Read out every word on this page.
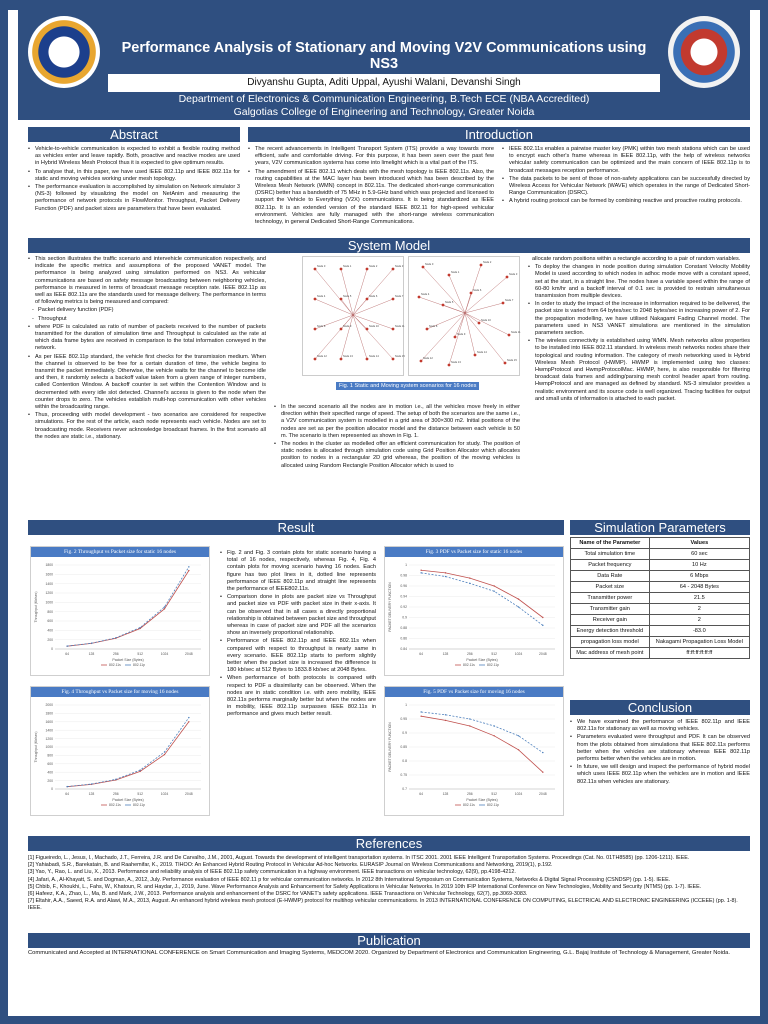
Performance Analysis of Stationary and Moving V2V Communications using NS3
Divyanshu Gupta, Aditi Uppal, Ayushi Walani, Devanshi Singh
Department of Electronics & Communication Engineering, B.Tech ECE (NBA Accredited)
Galgotias College of Engineering and Technology, Greater Noida
Abstract
• Vehicle-to-vehicle communication is expected to exhibit a flexible routing method as vehicles enter and leave rapidly. Both, proactive and reactive modes are used in Hybrid Wireless Mesh Protocol thus it is expected to give optimum results.
• To analyse that, in this paper, we have used IEEE 802.11p and IEEE 802.11s for static and moving vehicles working under mesh topology.
• The performance evaluation is accomplished by simulation on Network simulator 3 (NS-3) followed by visualizing the model on NetAnim and measuring the performance of network protocols in FlowMonitor. Throughput, Packet Delivery Function (PDF) and packet sizes are parameters that have been evaluated.
Introduction
• The recent advancements in Intelligent Transport System (ITS) provide a way towards more efficient, safe and comfortable driving. For this purpose, it has been seen over the past few years, V2V communication systems has come into limelight which is a vital part of the ITS.
• The amendment of IEEE 802.11 which deals with the mesh topology is IEEE 802.11s. Also, the routing capabilities at the MAC layer has been introduced which has been described by the Wireless Mesh Network (WMN) concept in 802.11s. The dedicated short-range communication (DSRC) better has a bandwidth of 75 MHz in 5.9-GHz band which was projected and licensed to support the Vehicle to Everything (V2X) communications. It is being standardized as IEEE 802.11p. It is an extended version of the standard IEEE 802.11 for high-speed vehicular environment. Vehicles are fully managed with the short-range wireless communication technology, in general Dedicated Short-Range Communications.
• IEEE 802.11s enables a pairwise master key (PMK) within two mesh stations which can be used to encrypt each other's frame whereas in IEEE 802.11p, with the help of wireless networks vehicular safety communication can be optimized and the main concern of IEEE 802.11p is to broadcast messages reception performance.
• The data packets to be sent of those of non-safety applications can be successfully directed by Wireless Access for Vehicular Network (WAVE) which operates in the range of Dedicated Short-Range Communication (DSRC).
• A hybrid routing protocol can be formed by combining reactive and proactive routing protocols.
System Model
• This section illustrates the traffic scenario and intervehicle communication respectively, and indicate the specific metrics and assumptions of the proposed VANET model. The performance is being analyzed using simulation performed on NS3. As vehicular communications are based on safety message broadcasting between neighboring vehicles, performance is measured in terms of broadcast message reception rate. IEEE 802.11p as well as IEEE 802.11s are the standards used for message delivery. The performance in terms of following metrics is being measured and compared:
- Packet delivery function (PDF)
- Throughput
• where PDF is calculated as ratio of number of packets received to the number of packets transmitted for the duration of simulation time and Throughput is calculated as the rate at which data frame bytes are received in comparison to the total information conveyed in the network.
• As per IEEE 802.11p standard, the vehicle first checks for the transmission medium. When the channel is observed to be free for a certain duration of time, the vehicle begins to transmit the packet immediately. Otherwise, the vehicle waits for the channel to become idle and then, it randomly selects a backoff value taken from a given range of integer numbers, called Contention Window. A backoff counter is set within the Contention Window and is decremented with every idle slot detected. Channel's access is given to the node when the counter drops to zero. The vehicles establish multi-hop communication with other vehicles within the broadcasting range.
• Thus, proceeding with model development - two scenarios are considered for respective simulations. For the rest of the article, each node represents each vehicle. Nodes are set to broadcasting mode. Receivers never acknowledge broadcast frames. In the first scenario all the nodes are static i.e., stationary.
Node 0	Node 1	Node 2	Node 3
Node 4	Node 5	Node 6	Node 7
Node 8	Node 9	Node 10	Node 11
Node 12	Node 13	Node 14	Node 15
Node 0
Node 1
Node 2
Node 3
Node 4
Node 5
Node 6
Node 7
Node 8
Node 9
Node 10
Node 11
Node 12
Node 13
Node 14
Node 15
Fig. 1 Static and Moving system scenarios for 16 nodes
• In the second scenario all the nodes are in motion i.e., all the vehicles move freely in either direction within their specified range of speed. The setup of both the scenarios are the same i.e., a V2V communication system is modelled in a grid area of 300×300 m2. Initial positions of the nodes are set as per the position allocator model and the distance between each vehicle is 50 m. The scenario is then represented as shown in Fig. 1.
• The nodes in the cluster as modelled offer an efficient communication for study. The position of static nodes is allocated through simulation code using Grid Position Allocator which allocates position to nodes in a rectangular 2D grid whereas, the position of the moving vehicles is allocated using Random Rectangle Position Allocator which is used to
allocate random positions within a rectangle according to a pair of random variables.
• To deploy the changes in node position during simulation Constant Velocity Mobility Model is used according to which nodes in adhoc mode move with a constant speed, set at the start, in a straight line. The nodes have a variable speed within the range of 60-80 km/hr and a backoff interval of 0.1 sec is provided to restrain simultaneous transmission from multiple devices.
• In order to study the impact of the increase in information required to be delivered, the packet size is varied from 64 bytes/sec to 2048 bytes/sec in increasing power of 2. For the propagation modelling, we have utilised Nakagami Fading Channel model. The parameters used in NS3 VANET simulations are mentioned in the simulation parameters section.
• The wireless connectivity is established using WMN. Mesh networks allow properties to be installed into IEEE 802.11 standard. In wireless mesh networks nodes share their topological and routing information. The category of mesh networking used is Hybrid Wireless Mesh Protocol (HWMP). HWMP is implemented using two classes: HwmpProtocol and HwmpProtocolMac. HWMP, here, is also responsible for filtering broadcast data frames and adding/parsing mesh control header apart from routing. HwmpProtocol and are managed as defined by standard. NS-3 simulator provides a realistic environment and its source code is well organized. Tracing facilities for output and small units of information is attached to each packet.
Result
Fig. 2 Throughput vs Packet size for static 16 nodes
0
200
400
600
800
1000
1200
1400
1600
1800
64	128	256	512	1024	2048
Packet Size (Bytes)
Throughput (Kb/sec)
802.11s	802.11p
Fig. 3 PDF vs Packet size for static 16 nodes
0.84
0.86
0.88
0.9
0.92
0.94
0.96
0.98
1
64	128	256	512	1024	2048
Packet Size (Bytes)
PACKET DELIVERY FUNCTION
802.11s	802.11p
Fig. 4 Throughput vs Packet size for moving 16 nodes
0
200
400
600
800
1000
1200
1400
1600
1800
2000
64	128	256	512	1024	2048
Packet Size (Bytes)
Throughput (Kb/sec)
802.11s	802.11p
Fig. 5 PDF vs Packet size for moving 16 nodes
0.7
0.75
0.8
0.85
0.9
0.95
1
64	128	256	512	1024	2048
Packet Size (Bytes)
PACKET DELIVERY FUNCTION
802.11s	802.11p
• Fig. 2 and Fig. 3 contain plots for static scenario having a total of 16 nodes, respectively, whereas Fig. 4, Fig. 4 contain plots for moving scenario having 16 nodes. Each figure has two plot lines in it, dotted line represents performance of IEEE 802.11p and straight line represents the performance of IEEE802.11s.
• Comparison done in plots are packet size vs Throughput and packet size vs PDF with packet size in their x-axis. It can be observed that in all cases a directly proportional relationship is obtained between packet size and throughput whereas in case of packet size and PDF all the scenarios show an inversely proportional relationship.
• Performance of IEEE 802.11p and IEEE 802.11s when compared with respect to throughput is nearly same in every scenario. IEEE 802.11p starts to perform slightly better when the packet size is increased the difference is 180 kb/sec at 512 Bytes to 1833.8 kb/sec at 2048 Bytes.
• When performance of both protocols is compared with respect to PDF a dissimilarity can be observed. When the nodes are in static condition i.e. with zero mobility, IEEE 802.11s performs marginally better but when the nodes are in mobility, IEEE 802.11p surpasses IEEE 802.11s in performance and gives much better result.
Simulation Parameters
Name of the Parameter	Values
Total simulation time	60 sec
Packet frequency	10 Hz
Data Rate	6 Mbps
Packet size	64 - 2048 Bytes
Transmitter power	21.5
Transmitter gain	2
Receiver gain	2
Energy detection threshold	-83.0
propagation loss model	Nakagami Propagation Loss Model
Mac address of mesh point	ff:ff:ff:ff:ff:ff
Conclusion
• We have examined the performance of IEEE 802.11p and IEEE 802.11s for stationary as well as moving vehicles.
• Parameters evaluated were throughput and PDF. It can be observed from the plots obtained from simulations that IEEE 802.11s performs better when the vehicles are stationary whereas IEEE 802.11p performs better when the vehicles are in motion.
• In future, we will design and inspect the performance of hybrid model which uses IEEE 802.11p when the vehicles are in motion and IEEE 802.11s when vehicles are stationary.
References
[1] Figueiredo, L., Jesus, I., Machado, J.T., Ferreira, J.R. and De Carvalho, J.M., 2001, August. Towards the development of intelligent transportation systems. In ITSC 2001. 2001 IEEE Intelligent Transportation Systems. Proceedings (Cat. No. 01TH8585) (pp. 1206-1211). IEEE.
[2] Yahiabadi, S.R., Barekatain, B. and Raahemifar, K., 2019. TIHOO: An Enhanced Hybrid Routing Protocol in Vehicular Ad-hoc Networks. EURASIP Journal on Wireless Communications and Networking, 2019(1), p.192.
[3] Yao, Y., Rao, L. and Liu, X., 2013. Performance and reliability analysis of IEEE 802.11p safety communication in a highway environment. IEEE transactions on vehicular technology, 62(9), pp.4198-4212.
[4] Jafari, A., Al-Khayatt, S. and Dogman, A., 2012, July. Performance evaluation of IEEE 802.11 p for vehicular communication networks. In 2012 8th International Symposium on Communication Systems, Networks & Digital Signal Processing (CSNDSP) (pp. 1-5). IEEE.
[5] Chbib, F., Khoukhi, L., Fahs, W., Khatoun, R. and Haydar, J., 2019, June. Wave Performance Analysis and Enhancement for Safety Applications in Vehicular Networks. In 2019 10th IFIP International Conference on New Technologies, Mobility and Security (NTMS) (pp. 1-7). IEEE.
[6] Hafeez, K.A., Zhao, L., Ma, B. and Mark, J.W., 2013. Performance analysis and enhancement of the DSRC for VANET's safety applications. IEEE Transactions on Vehicular Technology, 62(7), pp.3069-3083.
[7] Eltahir, A.A., Saeed, R.A. and Alawi, M.A., 2013, August. An enhanced hybrid wireless mesh protocol (E-HWMP) protocol for multihop vehicular communications. In 2013 INTERNATIONAL CONFERENCE ON COMPUTING, ELECTRICAL AND ELECTRONIC ENGINEERING (ICCEEE) (pp. 1-8). IEEE.
Publication
Communicated and Accepted at INTERNATIONAL CONFERENCE on Smart Communication and Imaging Systems, MEDCOM 2020. Organized by Department of Electronics and Communication Engineering, G.L. Bajaj Institute of Technology & Management, Greater Noida.
